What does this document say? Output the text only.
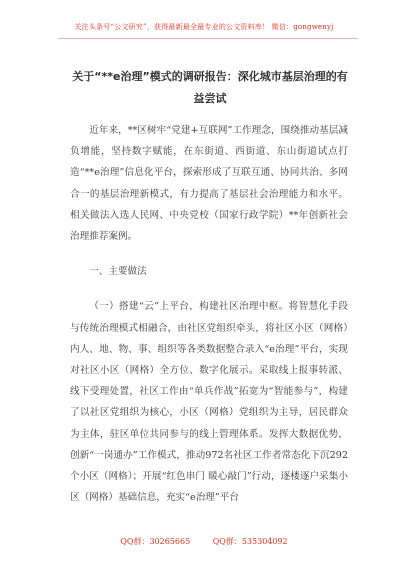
关注头条号“公文研究”，获得最新最全最专业的公文资料库！ 微信：gongwenyj
关于“**e治理”模式的调研报告：深化城市基层治理的有益尝试

近年来，**区树牢“党建+互联网”工作理念，围绕推动基层减负增能，坚持数字赋能，在东街道、西街道、东山街道试点打造“**e治理”信息化平台，探索形成了互联互通、协同共治、多网合一的基层治理新模式，有力提高了基层社会治理能力和水平。相关做法入选人民网、中央党校（国家行政学院）**年创新社会治理推荐案例。

一、主要做法

（一）搭建“云”上平台，构建社区治理中枢。将智慧化手段与传统治理模式相融合，由社区党组织牵头，将社区小区（网格）内人、地、物、事、组织等各类数据整合录入“e治理”平台，实现对社区小区（网格）全方位、数字化展示。采取线上报事转派、线下受理处置，社区工作由“单兵作战”拓宽为“智能参与”，构建了以社区党组织为核心，小区（网格）党组织为主导，居民群众为主体，驻区单位共同参与的线上管理体系。发挥大数据优势，创新“一岗通办”工作模式，推动972名社区工作者常态化下沉292个小区（网格）；开展“红色串门 暖心敲门”行动，逐楼逐户采集小区（网格）基础信息，充实“e治理”平台

QQ群：30265665	QQ群：535304092
